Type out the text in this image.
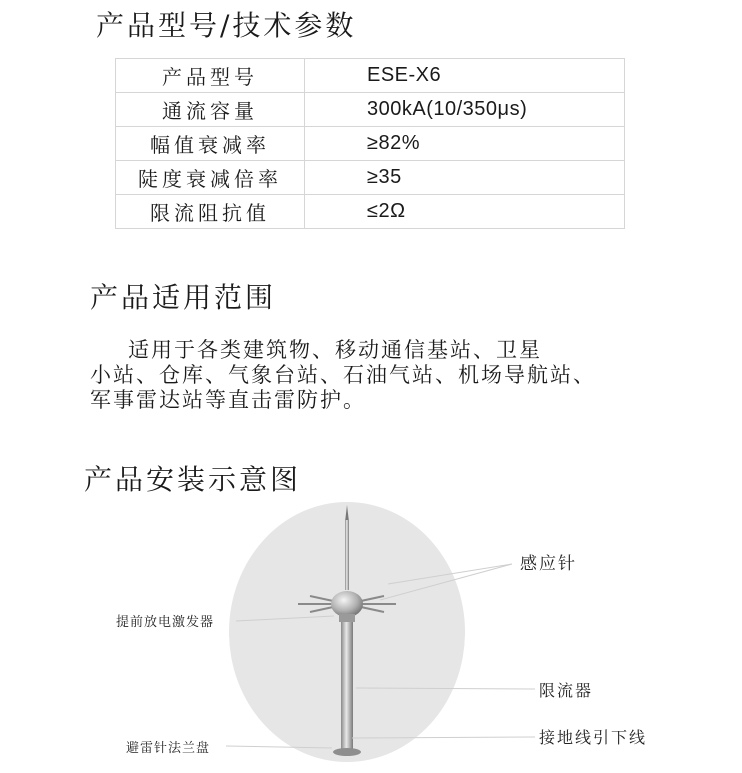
产品型号/技术参数
产品型号	ESE-X6
通流容量	300kA(10/350μs)
幅值衰减率	≥82%
陡度衰减倍率	≥35
限流阻抗值	≤2Ω
产品适用范围
适用于各类建筑物、移动通信基站、卫星
小站、仓库、气象台站、石油气站、机场导航站、
军事雷达站等直击雷防护。
产品安装示意图
感应针
提前放电激发器
限流器
接地线引下线
避雷针法兰盘
